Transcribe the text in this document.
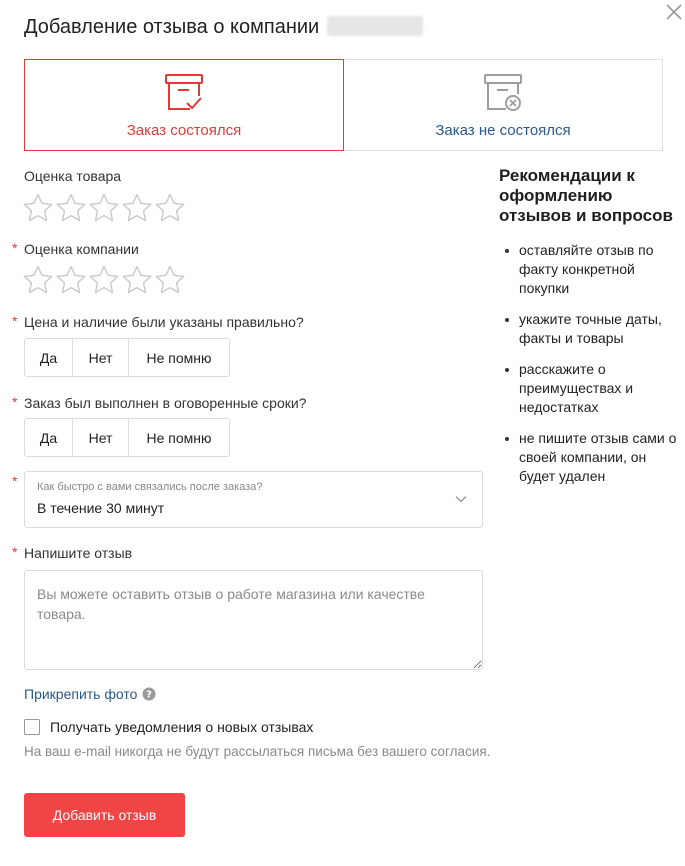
Добавление отзыва о компании
Заказ состоялся	Заказ не состоялся
Оценка товара
* Оценка компании
* Цена и наличие были указаны правильно?
Да	Нет	Не помню
* Заказ был выполнен в оговоренные сроки?
Да	Нет	Не помню
* Как быстро с вами связались после заказа?
В течение 30 минут
* Напишите отзыв
Вы можете оставить отзыв о работе магазина или качестве товара.
Прикрепить фото ?
Получать уведомления о новых отзывах
На ваш e-mail никогда не будут рассылаться письма без вашего согласия.
Добавить отзыв
Рекомендации к оформлению отзывов и вопросов
оставляйте отзыв по факту конкретной покупки
укажите точные даты, факты и товары
расскажите о преимуществах и недостатках
не пишите отзыв сами о своей компании, он будет удален
